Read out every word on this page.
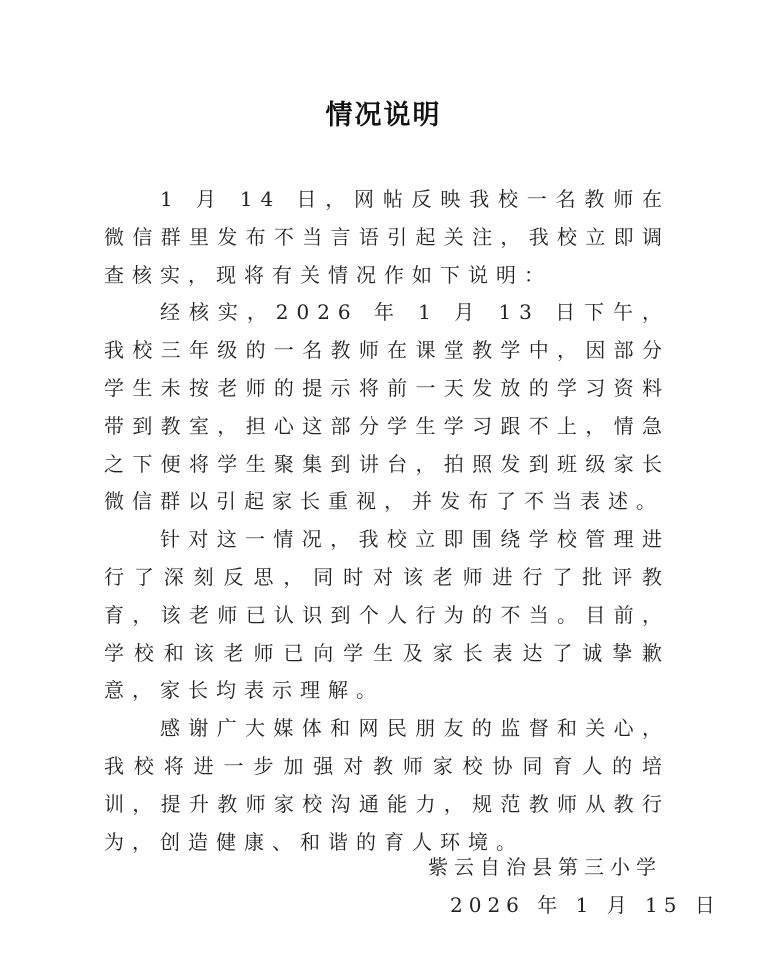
情况说明

1 月 14 日，网帖反映我校一名教师在微信群里发布不当言语引起关注，我校立即调查核实，现将有关情况作如下说明：

经核实，2026 年 1 月 13 日下午，我校三年级的一名教师在课堂教学中，因部分学生未按老师的提示将前一天发放的学习资料带到教室，担心这部分学生学习跟不上，情急之下便将学生聚集到讲台，拍照发到班级家长微信群以引起家长重视，并发布了不当表述。

针对这一情况，我校立即围绕学校管理进行了深刻反思，同时对该老师进行了批评教育，该老师已认识到个人行为的不当。目前，学校和该老师已向学生及家长表达了诚挚歉意，家长均表示理解。

感谢广大媒体和网民朋友的监督和关心，我校将进一步加强对教师家校协同育人的培训，提升教师家校沟通能力，规范教师从教行为，创造健康、和谐的育人环境。

紫云自治县第三小学
2026 年 1 月 15 日
